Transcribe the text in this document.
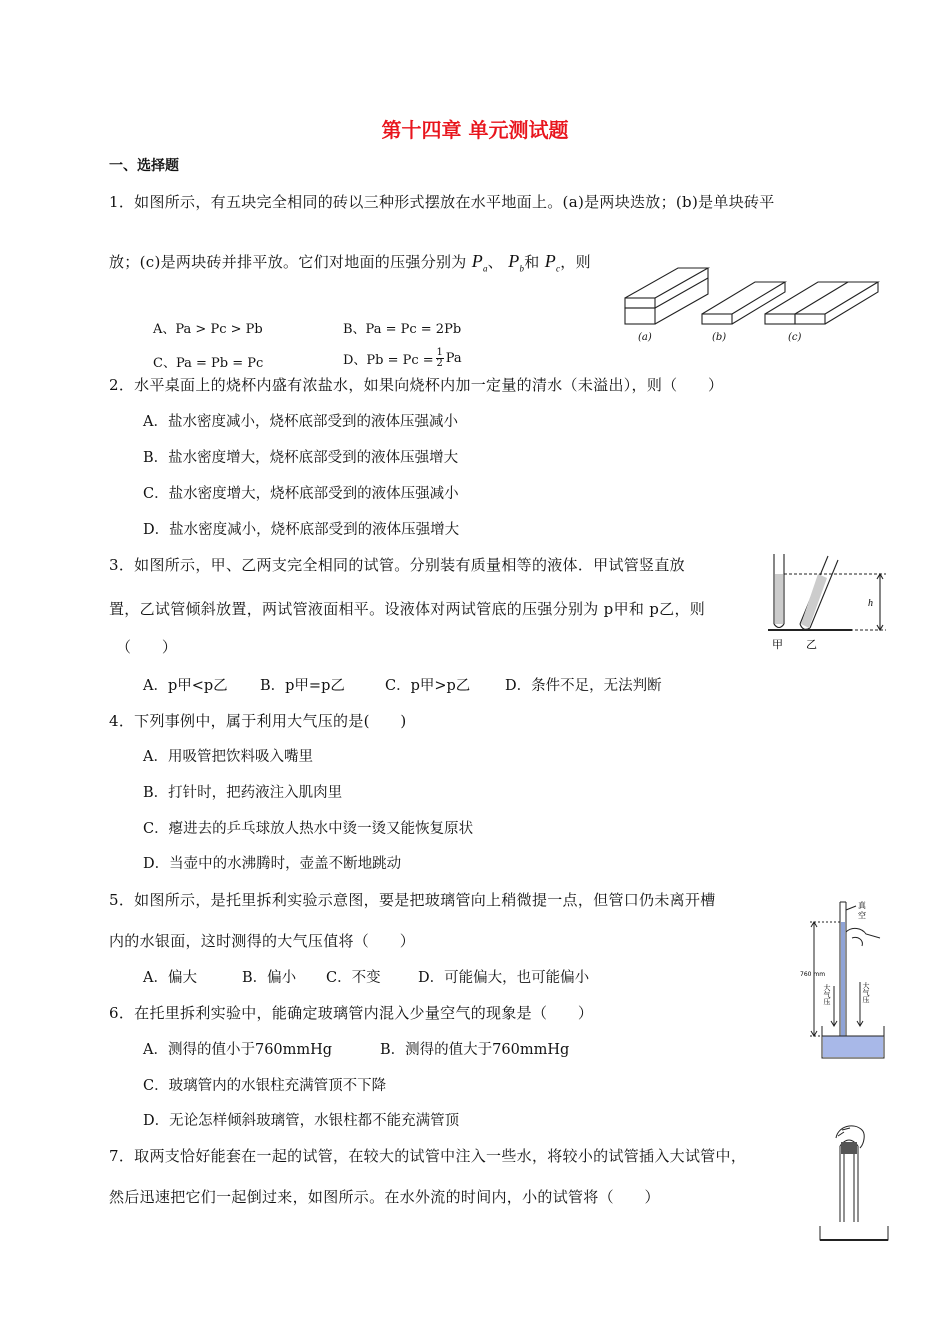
第十四章 单元测试题
一、选择题
1．如图所示，有五块完全相同的砖以三种形式摆放在水平地面上。(a)是两块迭放；(b)是单块砖平
放；(c)是两块砖并排平放。它们对地面的压强分别为 $P_a$、 $P_b$和 $P_c$，则
A、Pa > Pc > Pb	B、Pa = Pc = 2Pb
C、Pa = Pb = Pc	D、Pb = Pc =
1
2 Pa
(a)	(b)	(c)
2．水平桌面上的烧杯内盛有浓盐水，如果向烧杯内加一定量的清水（未溢出），则（　　）
A．盐水密度减小，烧杯底部受到的液体压强减小
B．盐水密度增大，烧杯底部受到的液体压强增大
C．盐水密度增大，烧杯底部受到的液体压强减小
D．盐水密度减小，烧杯底部受到的液体压强增大
3．如图所示，甲、乙两支完全相同的试管。分别装有质量相等的液体．甲试管竖直放
置，乙试管倾斜放置，两试管液面相平。设液体对两试管底的压强分别为 p甲和 p乙，则
（　　）
A．p甲<p乙 B．p甲=p乙	C．p甲>p乙 D．条件不足，无法判断
h
甲 乙
4．下列事例中，属于利用大气压的是(　　)
A．用吸管把饮料吸入嘴里
B．打针时，把药液注入肌肉里
C．瘪进去的乒乓球放人热水中烫一烫又能恢复原状
D．当壶中的水沸腾时，壶盖不断地跳动
5．如图所示，是托里拆利实验示意图，要是把玻璃管向上稍微提一点，但管口仍未离开槽
内的水银面，这时测得的大气压值将（　　）
A．偏大	B．偏小 C．不变	D．可能偏大，也可能偏小
真
空
760 mm
大气压	大气压
6．在托里拆利实验中，能确定玻璃管内混入少量空气的现象是（　　）
A．测得的值小于760mmHg	B．测得的值大于760mmHg
C．玻璃管内的水银柱充满管顶不下降
D．无论怎样倾斜玻璃管，水银柱都不能充满管顶
7．取两支恰好能套在一起的试管，在较大的试管中注入一些水，将较小的试管插入大试管中，
然后迅速把它们一起倒过来，如图所示。在水外流的时间内，小的试管将（　　）
